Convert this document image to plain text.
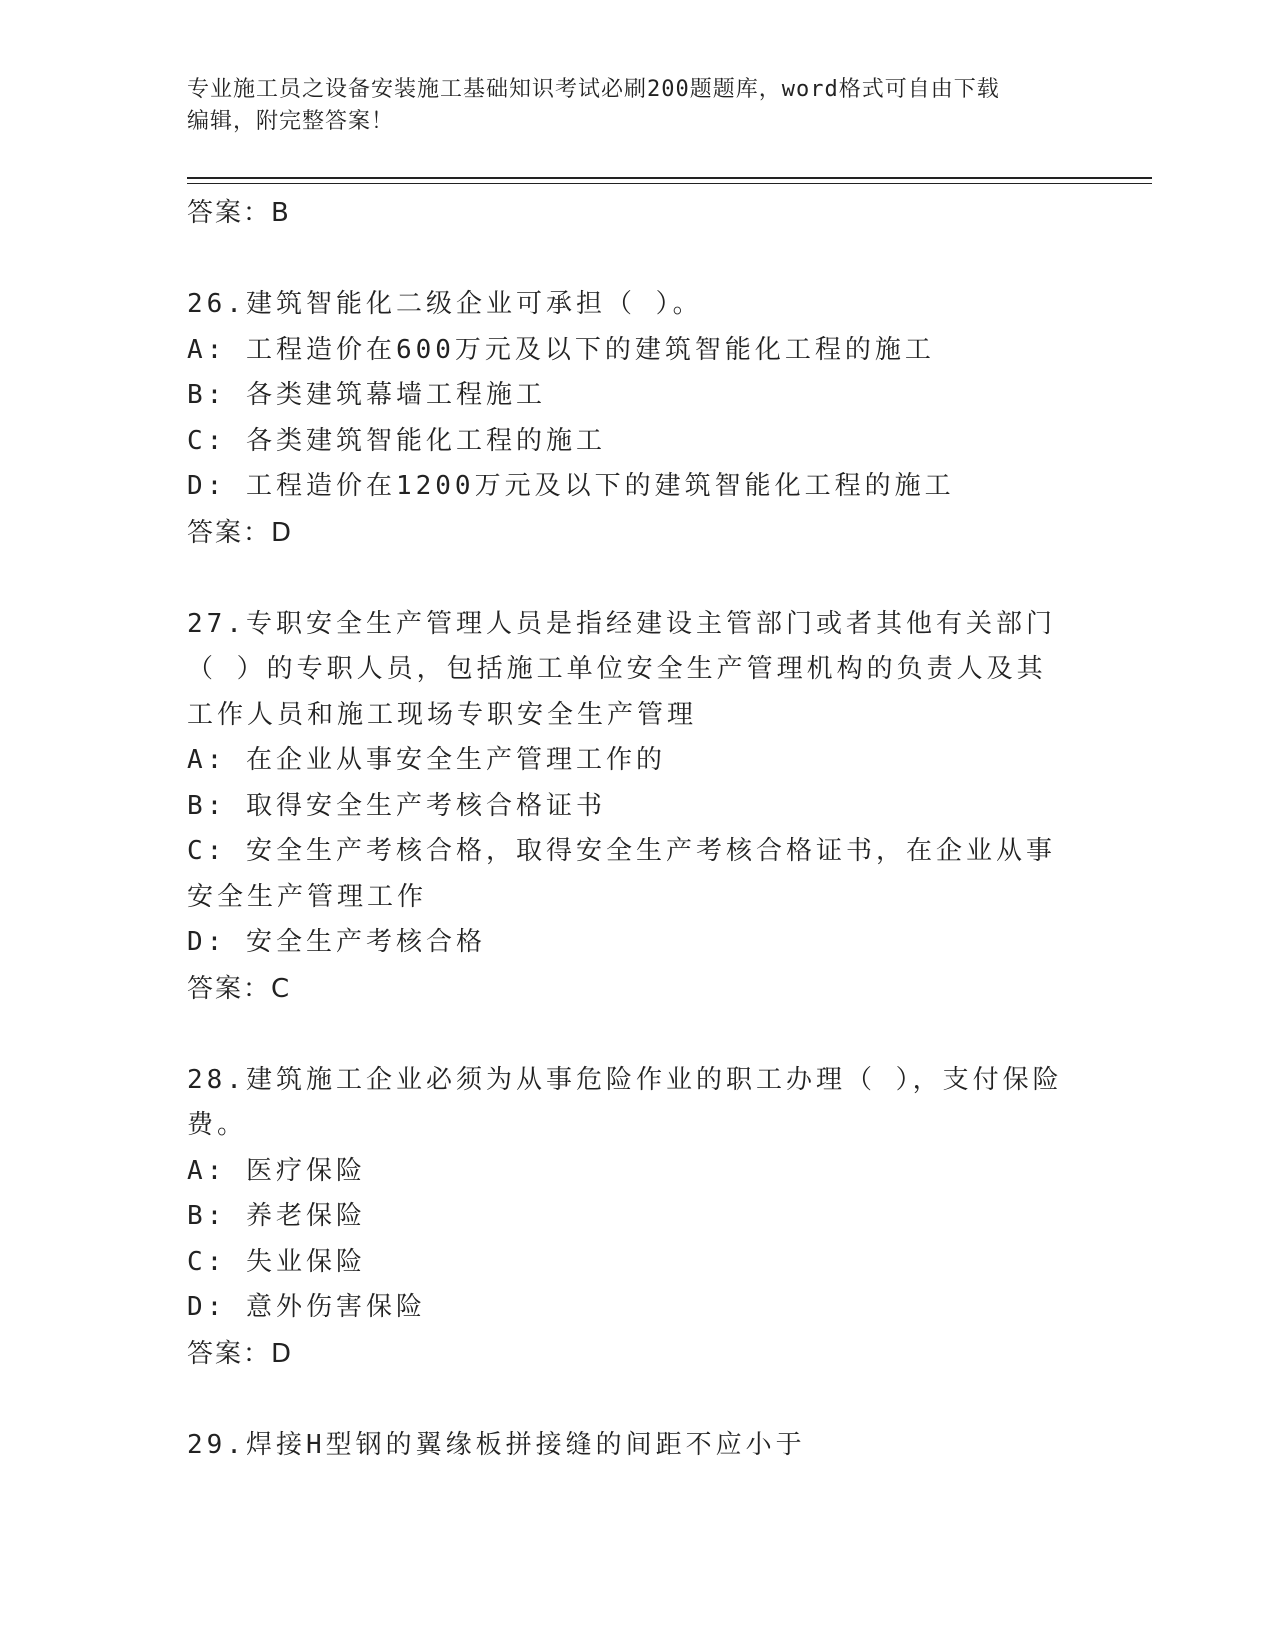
专业施工员之设备安装施工基础知识考试必刷200题题库，word格式可自由下载
编辑，附完整答案！
答案：B
26.建筑智能化二级企业可承担（ ）。
A: 工程造价在600万元及以下的建筑智能化工程的施工
B: 各类建筑幕墙工程施工
C: 各类建筑智能化工程的施工
D: 工程造价在1200万元及以下的建筑智能化工程的施工
答案：D
27.专职安全生产管理人员是指经建设主管部门或者其他有关部门（ ）的专职人员，包括施工单位安全生产管理机构的负责人及其工作人员和施工现场专职安全生产管理
A: 在企业从事安全生产管理工作的
B: 取得安全生产考核合格证书
C: 安全生产考核合格，取得安全生产考核合格证书，在企业从事安全生产管理工作
D: 安全生产考核合格
答案：C
28.建筑施工企业必须为从事危险作业的职工办理（ ），支付保险费。
A: 医疗保险
B: 养老保险
C: 失业保险
D: 意外伤害保险
答案：D
29.焊接H型钢的翼缘板拼接缝的间距不应小于
